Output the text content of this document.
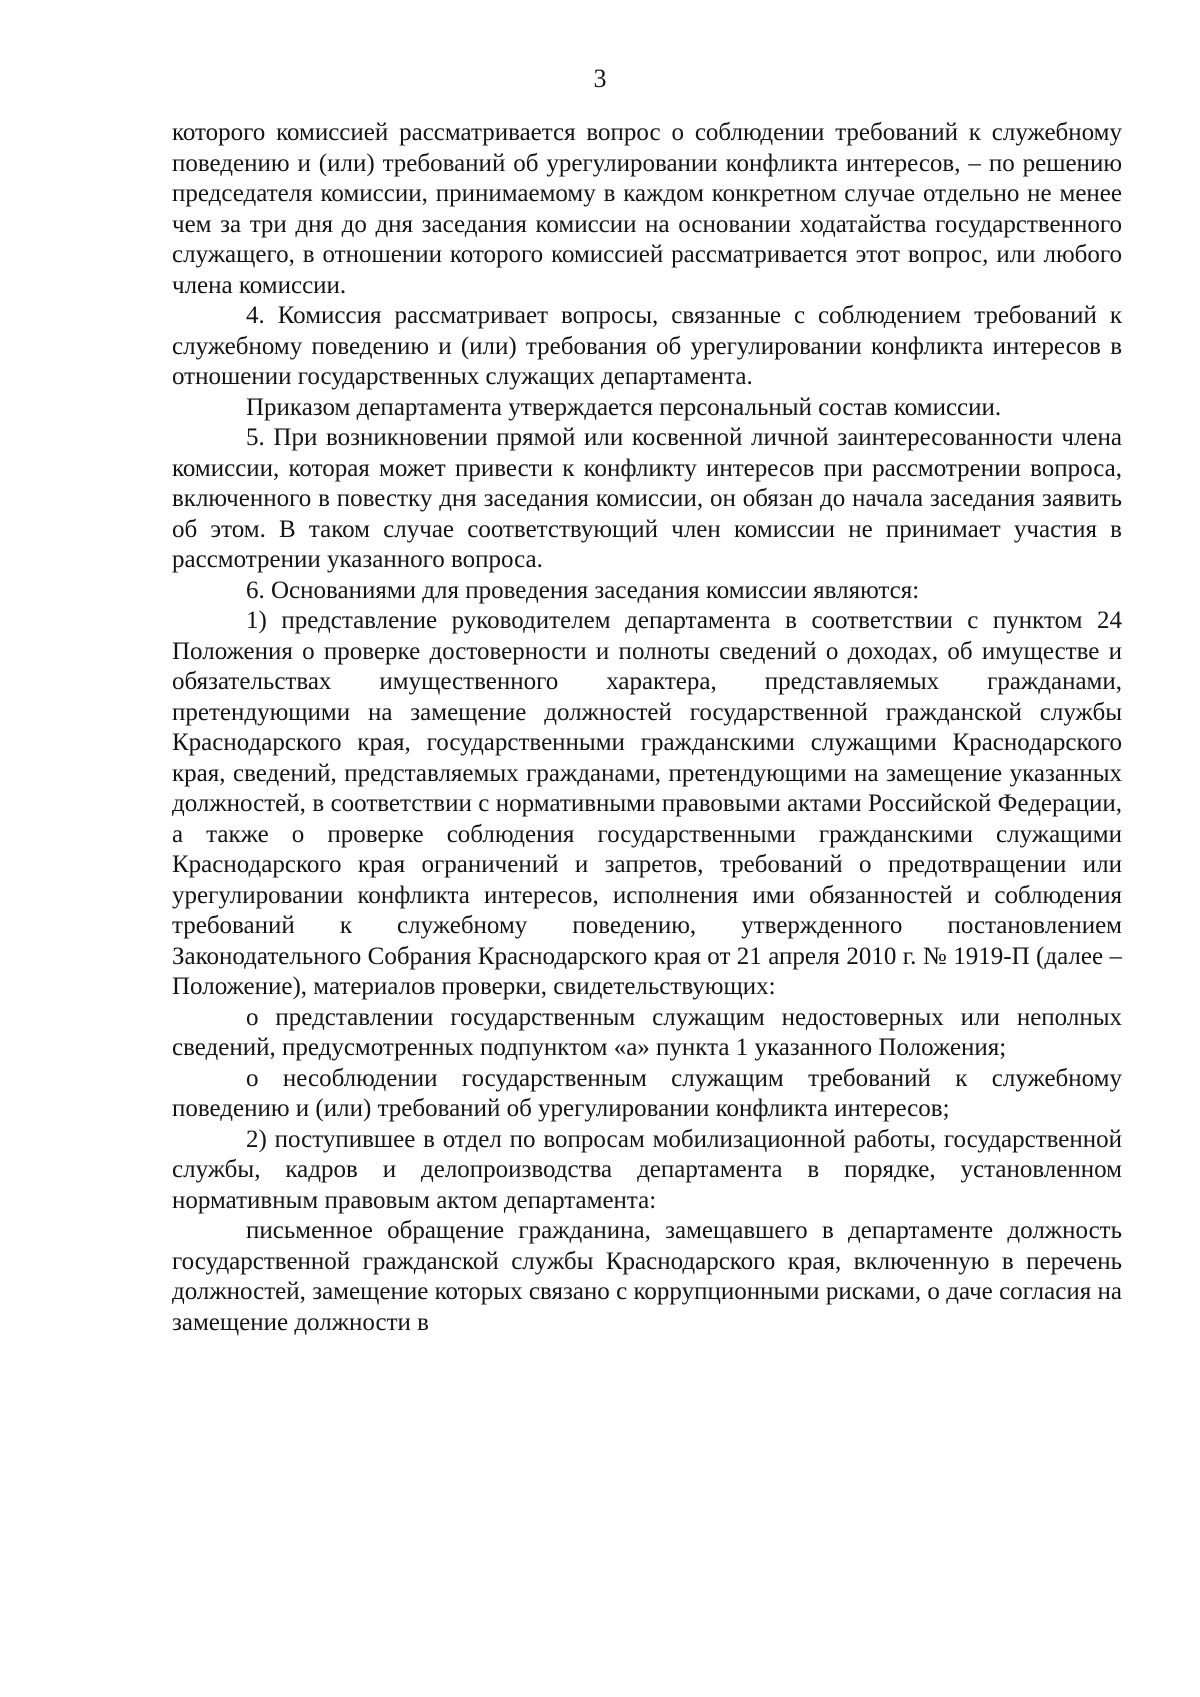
3

которого комиссией рассматривается вопрос о соблюдении требований к служебному поведению и (или) требований об урегулировании конфликта интересов, – по решению председателя комиссии, принимаемому в каждом конкретном случае отдельно не менее чем за три дня до дня заседания комиссии на основании ходатайства государственного служащего, в отношении которого комиссией рассматривается этот вопрос, или любого члена комиссии.

4. Комиссия рассматривает вопросы, связанные с соблюдением требований к служебному поведению и (или) требования об урегулировании конфликта интересов в отношении государственных служащих департамента.

Приказом департамента утверждается персональный состав комиссии.

5. При возникновении прямой или косвенной личной заинтересованности члена комиссии, которая может привести к конфликту интересов при рассмотрении вопроса, включенного в повестку дня заседания комиссии, он обязан до начала заседания заявить об этом. В таком случае соответствующий член комиссии не принимает участия в рассмотрении указанного вопроса.

6. Основаниями для проведения заседания комиссии являются:

1) представление руководителем департамента в соответствии с пунктом 24 Положения о проверке достоверности и полноты сведений о доходах, об имуществе и обязательствах имущественного характера, представляемых гражданами, претендующими на замещение должностей государственной гражданской службы Краснодарского края, государственными гражданскими служащими Краснодарского края, сведений, представляемых гражданами, претендующими на замещение указанных должностей, в соответствии с нормативными правовыми актами Российской Федерации, а также о проверке соблюдения государственными гражданскими служащими Краснодарского края ограничений и запретов, требований о предотвращении или урегулировании конфликта интересов, исполнения ими обязанностей и соблюдения требований к служебному поведению, утвержденного постановлением Законодательного Собрания Краснодарского края от 21 апреля 2010 г. № 1919-П (далее – Положение), материалов проверки, свидетельствующих:

о представлении государственным служащим недостоверных или неполных сведений, предусмотренных подпунктом «а» пункта 1 указанного Положения;

о несоблюдении государственным служащим требований к служебному поведению и (или) требований об урегулировании конфликта интересов;

2) поступившее в отдел по вопросам мобилизационной работы, государственной службы, кадров и делопроизводства департамента в порядке, установленном нормативным правовым актом департамента:

письменное обращение гражданина, замещавшего в департаменте должность государственной гражданской службы Краснодарского края, включенную в перечень должностей, замещение которых связано с коррупционными рисками, о даче согласия на замещение должности в
